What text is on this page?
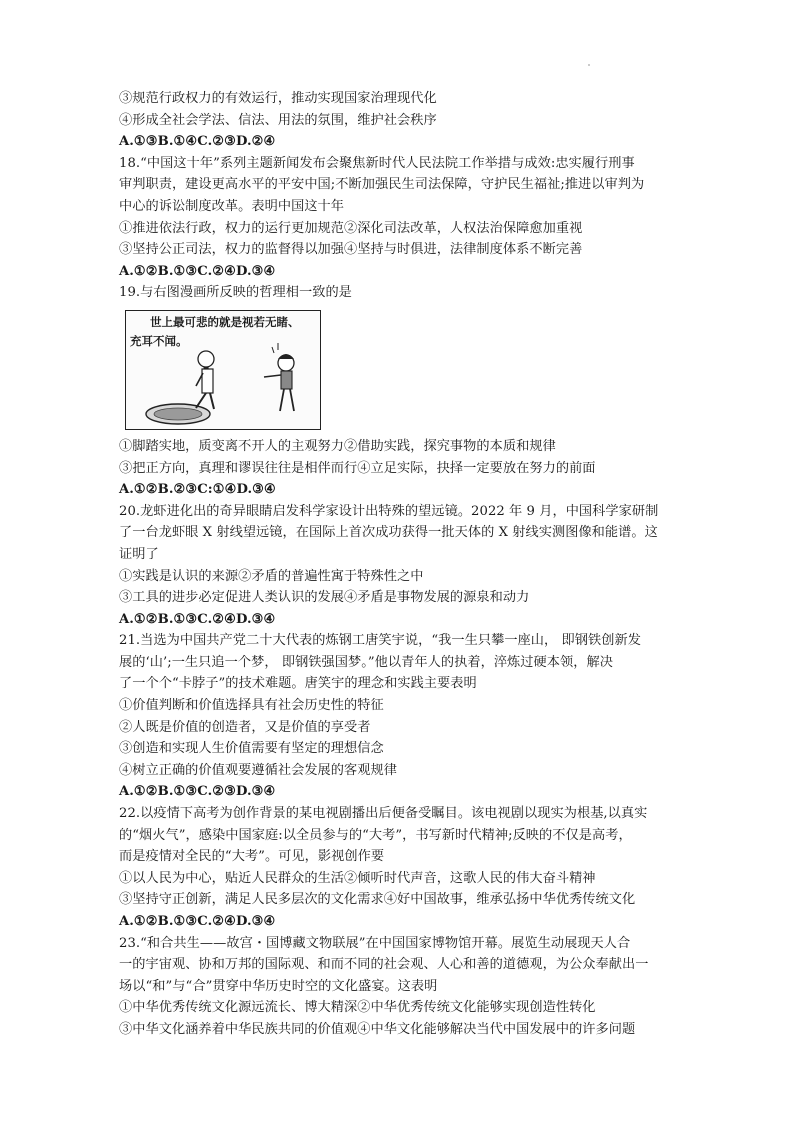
③规范行政权力的有效运行，推动实现国家治理现代化
④形成全社会学法、信法、用法的氛围，维护社会秩序
A.①③B.①④C.②③D.②④
18.“中国这十年”系列主题新闻发布会聚焦新时代人民法院工作举措与成效:忠实履行刑事
审判职责，建设更高水平的平安中国;不断加强民生司法保障，守护民生福祉;推进以审判为
中心的诉讼制度改革。表明中国这十年
①推进依法行政，权力的运行更加规范②深化司法改革，人权法治保障愈加重视
③坚持公正司法，权力的监督得以加强④坚持与时俱进，法律制度体系不断完善
A.①②B.①③C.②④D.③④
19.与右图漫画所反映的哲理相一致的是
世上最可悲的就是视若无睹、
充耳不闻。
①脚踏实地，质变离不开人的主观努力②借助实践，探究事物的本质和规律
③把正方向，真理和谬误往往是相伴而行④立足实际，抉择一定要放在努力的前面
A.①②B.②③C:①④D.③④
20.龙虾进化出的奇异眼睛启发科学家设计出特殊的望远镜。2022 年 9 月，中国科学家研制
了一台龙虾眼 X 射线望远镜，在国际上首次成功获得一批天体的 X 射线实测图像和能谱。这
证明了
①实践是认识的来源②矛盾的普遍性寓于特殊性之中
③工具的进步必定促进人类认识的发展④矛盾是事物发展的源泉和动力
A.①②B.①③C.②④D.③④
21.当选为中国共产党二十大代表的炼钢工唐笑宇说，“我一生只攀一座山， 即钢铁创新发
展的‘山’;一生只追一个梦， 即钢铁强国梦。”他以青年人的执着，淬炼过硬本领，解决
了一个个“卡脖子”的技术难题。唐笑宇的理念和实践主要表明
①价值判断和价值选择具有社会历史性的特征
②人既是价值的创造者，又是价值的享受者
③创造和实现人生价值需要有坚定的理想信念
④树立正确的价值观要遵循社会发展的客观规律
A.①②B.①③C.②③D.③④
22.以疫情下高考为创作背景的某电视剧播出后便备受瞩目。该电视剧以现实为根基,以真实
的“烟火气”，感染中国家庭:以全员参与的“大考”，书写新时代精神;反映的不仅是高考，
而是疫情对全民的“大考”。可见，影视创作要
①以人民为中心，贴近人民群众的生活②倾听时代声音，这歌人民的伟大奋斗精神
③坚持守正创新，满足人民多层次的文化需求④好中国故事，维承弘扬中华优秀传统文化
A.①②B.①③C.②④D.③④
23.“和合共生——故宫・国博藏文物联展”在中国国家博物馆开幕。展览生动展现天人合
一的宇宙观、协和万邦的国际观、和而不同的社会观、人心和善的道德观，为公众奉献出一
场以“和”与“合”贯穿中华历史时空的文化盛宴。这表明
①中华优秀传统文化源远流长、博大精深②中华优秀传统文化能够实现创造性转化
③中华文化涵养着中华民族共同的价值观④中华文化能够解决当代中国发展中的许多问题
